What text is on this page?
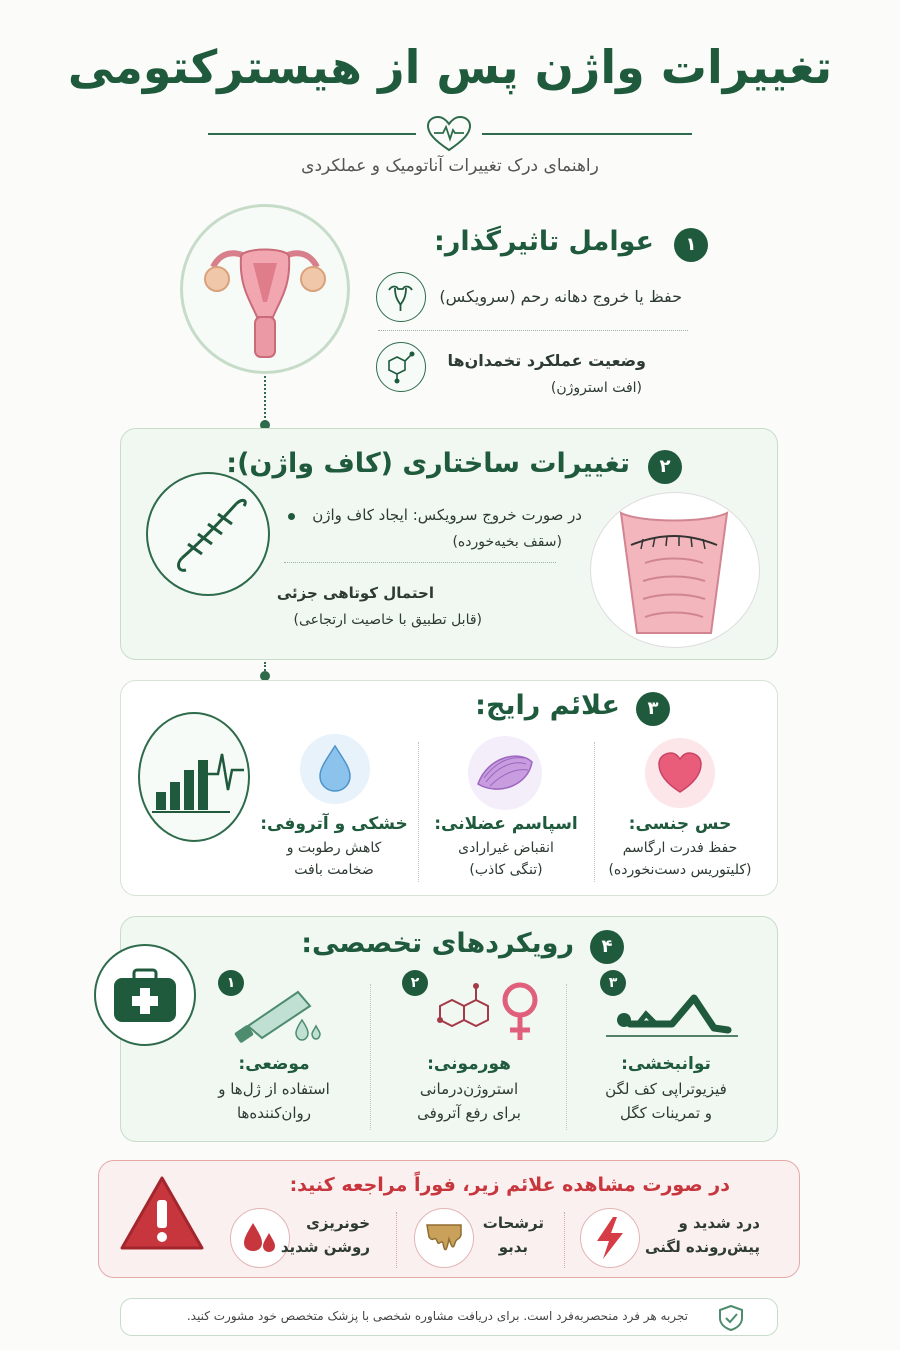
تغییرات واژن پس از هیسترکتومی
راهنمای درک تغییرات آناتومیک و عملکردی
۱
عوامل تاثیرگذار:
حفظ یا خروج دهانه رحم (سرویکس)
وضعیت عملکرد تخمدان‌ها
(افت استروژن)
۲
تغییرات ساختاری (کاف واژن):
در صورت خروج سرویکس: ایجاد کاف واژن
(سقف بخیه‌خورده)
احتمال کوتاهی جزئی
(قابل تطبیق با خاصیت ارتجاعی)
۳
علائم رایج:
حس جنسی:
حفظ فدرت ارگاسم
(کلیتوریس دست‌نخورده)
اسپاسم عضلانی:
انقباض غیرارادی
(تنگی کاذب)
خشکی و آتروفی:
کاهش رطوبت و
ضخامت بافت
۴
رویکردهای تخصصی:
۳
توانبخشی:
فیزیوتراپی کف لگن
و تمرینات کگل
۲
هورمونی:
استروژن‌درمانی
برای رفع آتروفی
۱
موضعی:
استفاده از ژل‌ها و
روان‌کننده‌ها
در صورت مشاهده علائم زیر، فوراً مراجعه کنید:
درد شدید و
پیش‌رونده لگنی
ترشحات
بدبو
خونریزی
روشن شدید
تجربه هر فرد منحصربه‌فرد است. برای دریافت مشاوره شخصی با پزشک متخصص خود مشورت کنید.
